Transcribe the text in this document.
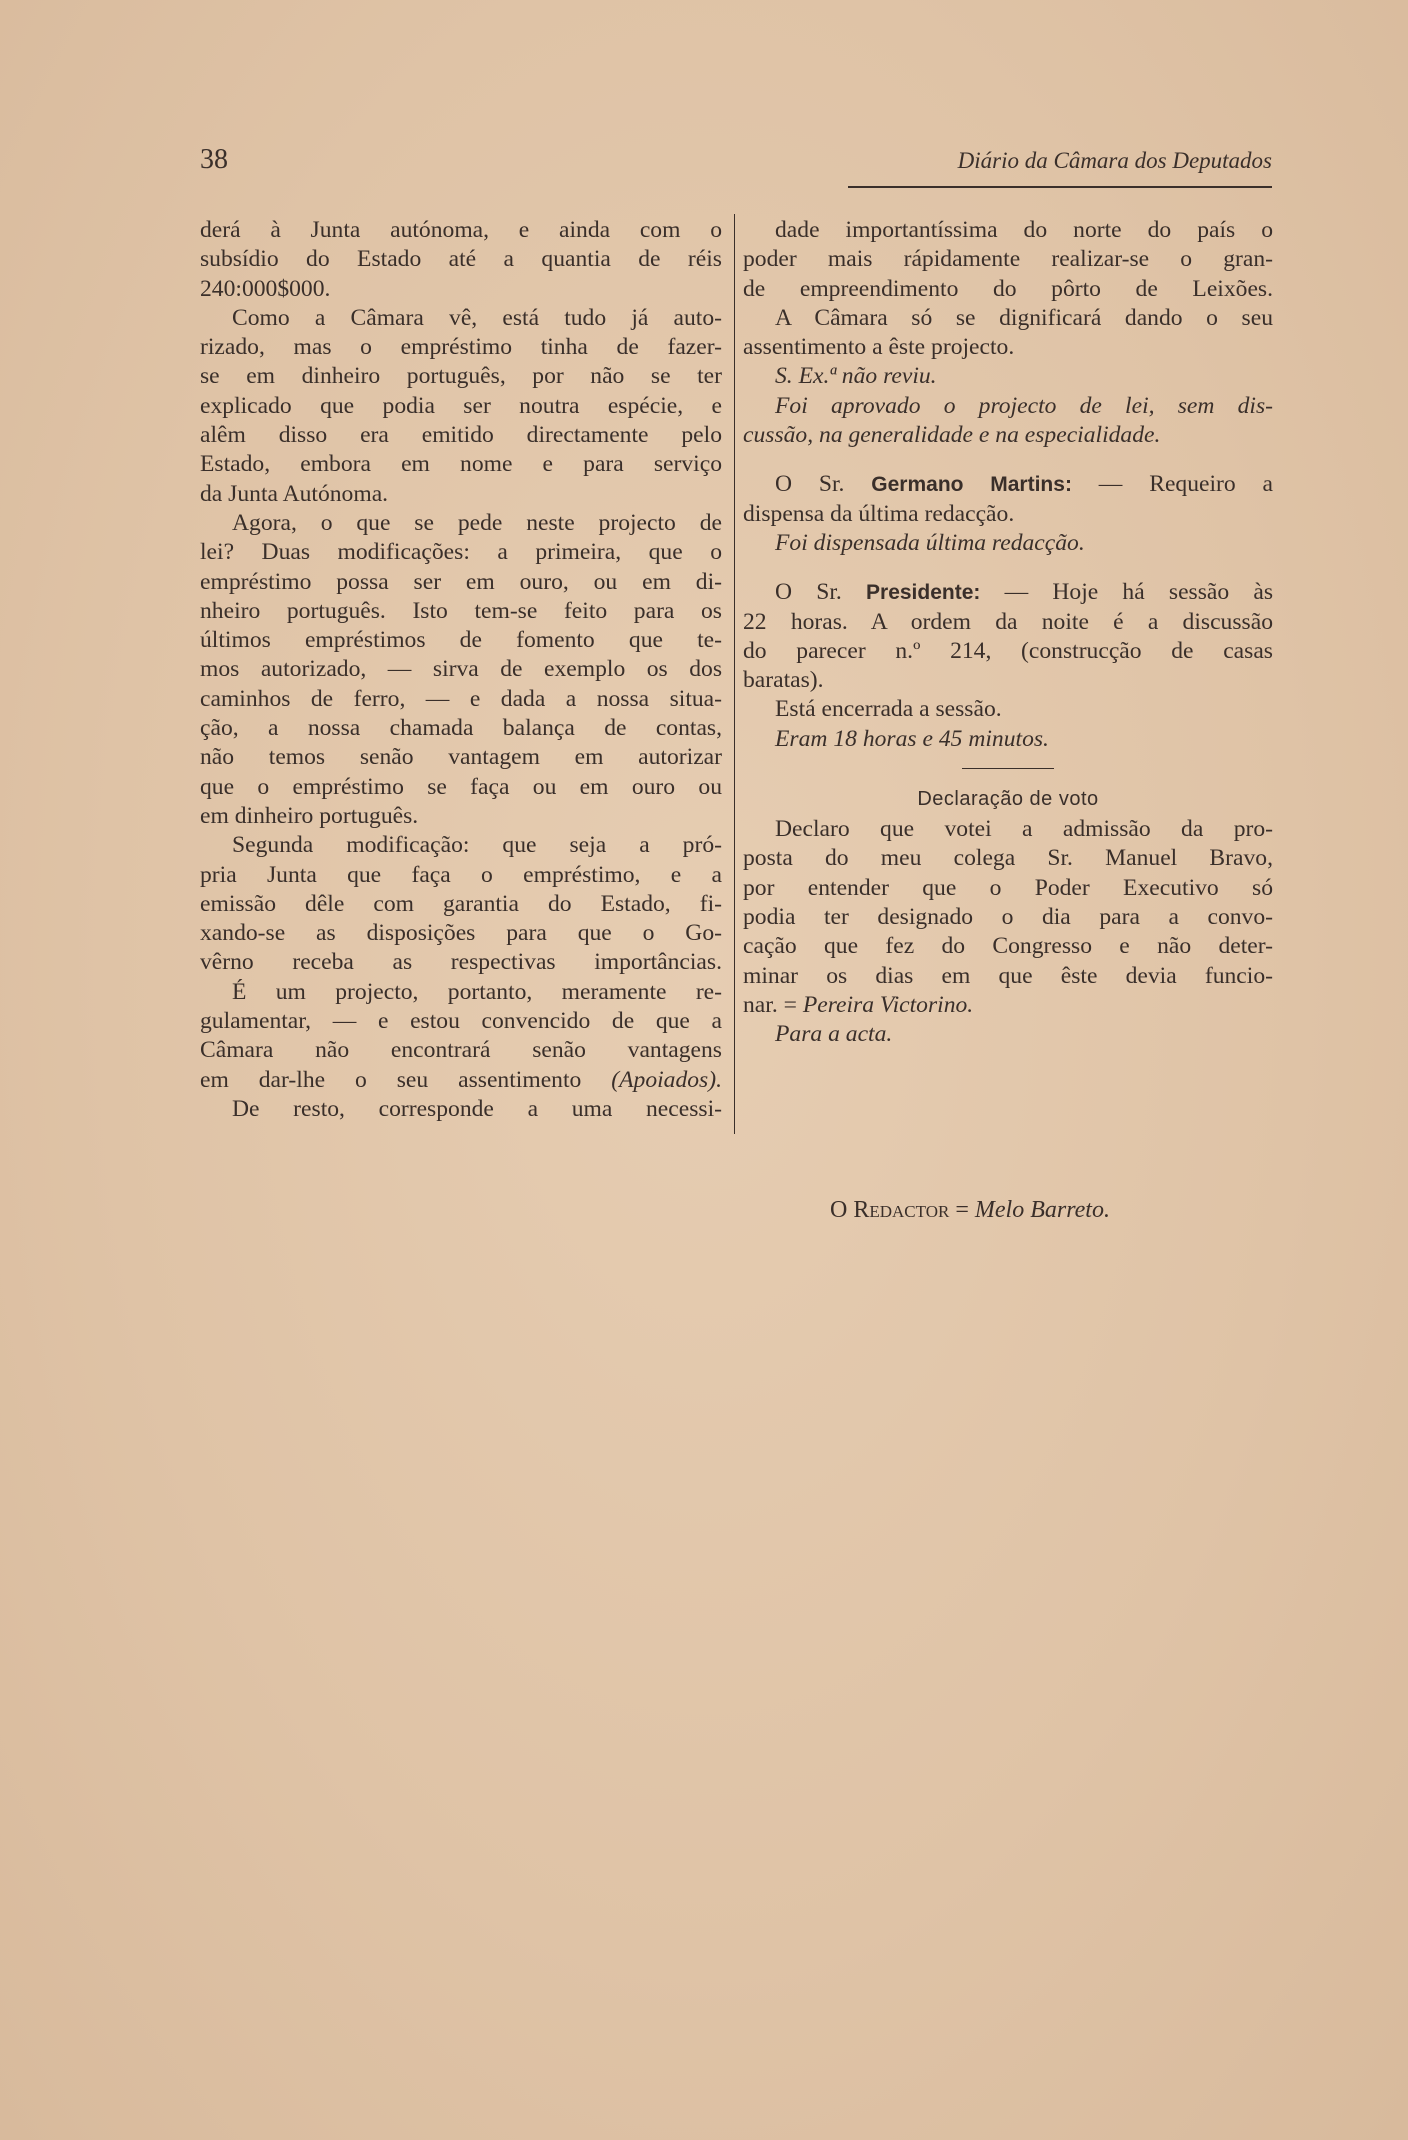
38	Diário da Câmara dos Deputados
derá à Junta autónoma, e ainda com o
subsídio do Estado até a quantia de réis
240:000$000.
Como a Câmara vê, está tudo já auto-
rizado, mas o empréstimo tinha de fazer-
se em dinheiro português, por não se ter
explicado que podia ser noutra espécie, e
alêm disso era emitido directamente pelo
Estado, embora em nome e para serviço
da Junta Autónoma.
Agora, o que se pede neste projecto de
lei? Duas modificações: a primeira, que o
empréstimo possa ser em ouro, ou em di-
nheiro português. Isto tem-se feito para os
últimos empréstimos de fomento que te-
mos autorizado, — sirva de exemplo os dos
caminhos de ferro, — e dada a nossa situa-
ção, a nossa chamada balança de contas,
não temos senão vantagem em autorizar
que o empréstimo se faça ou em ouro ou
em dinheiro português.
Segunda modificação: que seja a pró-
pria Junta que faça o empréstimo, e a
emissão dêle com garantia do Estado, fi-
xando-se as disposições para que o Go-
vêrno receba as respectivas importâncias.
É um projecto, portanto, meramente re-
gulamentar, — e estou convencido de que a
Câmara não encontrará senão vantagens
em dar-lhe o seu assentimento (Apoiados).
De resto, corresponde a uma necessi-
dade importantíssima do norte do país o
poder mais rápidamente realizar-se o gran-
de empreendimento do pôrto de Leixões.
A Câmara só se dignificará dando o seu
assentimento a êste projecto.
S. Ex.ª não reviu.
Foi aprovado o projecto de lei, sem dis-
cussão, na generalidade e na especialidade.
O Sr. Germano Martins: — Requeiro a
dispensa da última redacção.
Foi dispensada última redacção.
O Sr. Presidente: — Hoje há sessão às
22 horas. A ordem da noite é a discussão
do parecer n.º 214, (construcção de casas
baratas).
Está encerrada a sessão.
Eram 18 horas e 45 minutos.
Declaração de voto
Declaro que votei a admissão da pro-
posta do meu colega Sr. Manuel Bravo,
por entender que o Poder Executivo só
podia ter designado o dia para a convo-
cação que fez do Congresso e não deter-
minar os dias em que êste devia funcio-
nar. = Pereira Victorino.
Para a acta.
O Redactor = Melo Barreto.
